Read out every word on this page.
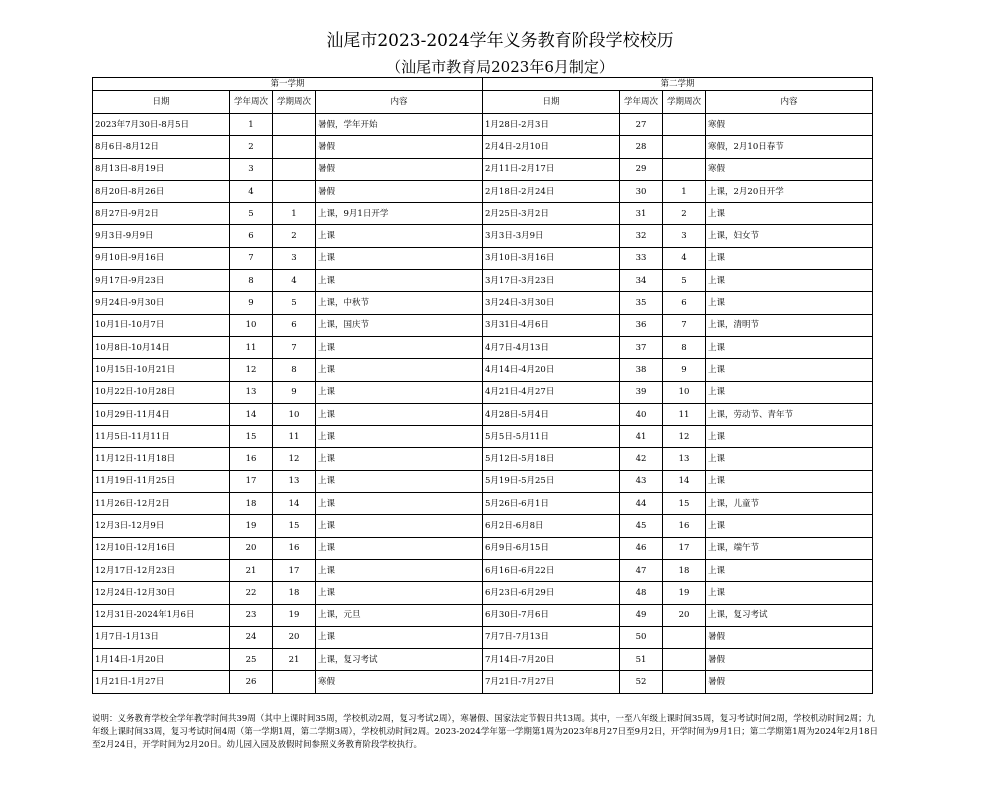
汕尾市2023-2024学年义务教育阶段学校校历
（汕尾市教育局2023年6月制定）
第一学期				第二学期			
日期	学年周次	学期周次	内容	日期	学年周次	学期周次	内容
2023年7月30日-8月5日	1		暑假，学年开始	1月28日-2月3日	27		寒假
8月6日-8月12日	2		暑假	2月4日-2月10日	28		寒假，2月10日春节
8月13日-8月19日	3		暑假	2月11日-2月17日	29		寒假
8月20日-8月26日	4		暑假	2月18日-2月24日	30	1	上课，2月20日开学
8月27日-9月2日	5	1	上课，9月1日开学	2月25日-3月2日	31	2	上课
9月3日-9月9日	6	2	上课	3月3日-3月9日	32	3	上课，妇女节
9月10日-9月16日	7	3	上课	3月10日-3月16日	33	4	上课
9月17日-9月23日	8	4	上课	3月17日-3月23日	34	5	上课
9月24日-9月30日	9	5	上课，中秋节	3月24日-3月30日	35	6	上课
10月1日-10月7日	10	6	上课，国庆节	3月31日-4月6日	36	7	上课，清明节
10月8日-10月14日	11	7	上课	4月7日-4月13日	37	8	上课
10月15日-10月21日	12	8	上课	4月14日-4月20日	38	9	上课
10月22日-10月28日	13	9	上课	4月21日-4月27日	39	10	上课
10月29日-11月4日	14	10	上课	4月28日-5月4日	40	11	上课，劳动节、青年节
11月5日-11月11日	15	11	上课	5月5日-5月11日	41	12	上课
11月12日-11月18日	16	12	上课	5月12日-5月18日	42	13	上课
11月19日-11月25日	17	13	上课	5月19日-5月25日	43	14	上课
11月26日-12月2日	18	14	上课	5月26日-6月1日	44	15	上课，儿童节
12月3日-12月9日	19	15	上课	6月2日-6月8日	45	16	上课
12月10日-12月16日	20	16	上课	6月9日-6月15日	46	17	上课，端午节
12月17日-12月23日	21	17	上课	6月16日-6月22日	47	18	上课
12月24日-12月30日	22	18	上课	6月23日-6月29日	48	19	上课
12月31日-2024年1月6日	23	19	上课，元旦	6月30日-7月6日	49	20	上课，复习考试
1月7日-1月13日	24	20	上课	7月7日-7月13日	50		暑假
1月14日-1月20日	25	21	上课，复习考试	7月14日-7月20日	51		暑假
1月21日-1月27日	26		寒假	7月21日-7月27日	52		暑假
说明：义务教育学校全学年教学时间共39周（其中上课时间35周，学校机动2周，复习考试2周），寒暑假、国家法定节假日共13周。其中，一至八年级上课时间35周，复习考试时间2周，学校机动时间2周；九年级上课时间33周，复习考试时间4周（第一学期1周，第二学期3周），学校机动时间2周。2023-2024学年第一学期第1周为2023年8月27日至9月2日，开学时间为9月1日；第二学期第1周为2024年2月18日至2月24日，开学时间为2月20日。幼儿园入园及放假时间参照义务教育阶段学校执行。
